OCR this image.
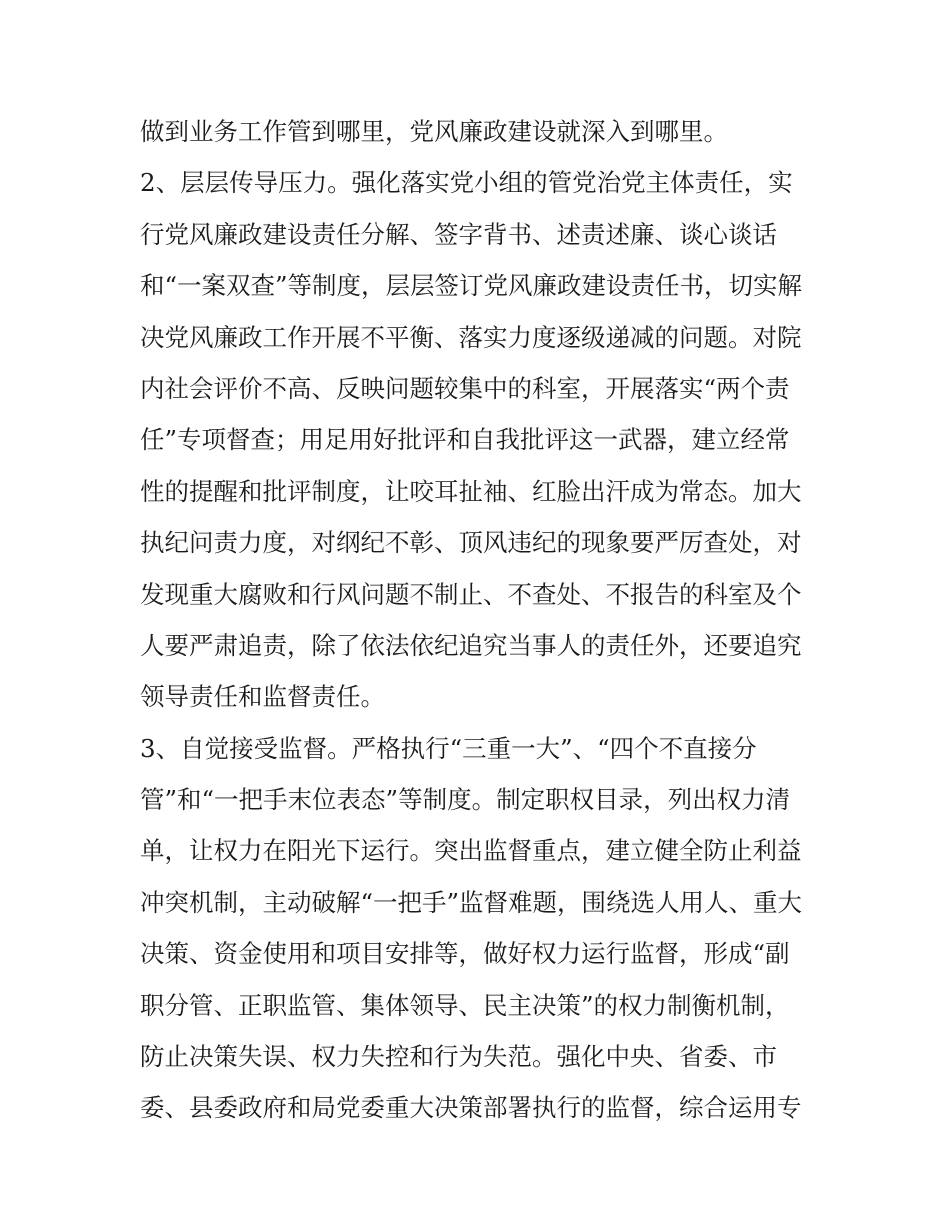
做到业务工作管到哪里，党风廉政建设就深入到哪里。
2、层层传导压力。强化落实党小组的管党治党主体责任，实
行党风廉政建设责任分解、签字背书、述责述廉、谈心谈话
和“一案双查”等制度，层层签订党风廉政建设责任书，切实解
决党风廉政工作开展不平衡、落实力度逐级递减的问题。对院
内社会评价不高、反映问题较集中的科室，开展落实“两个责
任”专项督查；用足用好批评和自我批评这一武器，建立经常
性的提醒和批评制度，让咬耳扯袖、红脸出汗成为常态。加大
执纪问责力度，对纲纪不彰、顶风违纪的现象要严厉查处，对
发现重大腐败和行风问题不制止、不查处、不报告的科室及个
人要严肃追责，除了依法依纪追究当事人的责任外，还要追究
领导责任和监督责任。
3、自觉接受监督。严格执行“三重一大”、“四个不直接分
管”和“一把手末位表态”等制度。制定职权目录，列出权力清
单，让权力在阳光下运行。突出监督重点，建立健全防止利益
冲突机制，主动破解“一把手”监督难题，围绕选人用人、重大
决策、资金使用和项目安排等，做好权力运行监督，形成“副
职分管、正职监管、集体领导、民主决策”的权力制衡机制，
防止决策失误、权力失控和行为失范。强化中央、省委、市
委、县委政府和局党委重大决策部署执行的监督，综合运用专
